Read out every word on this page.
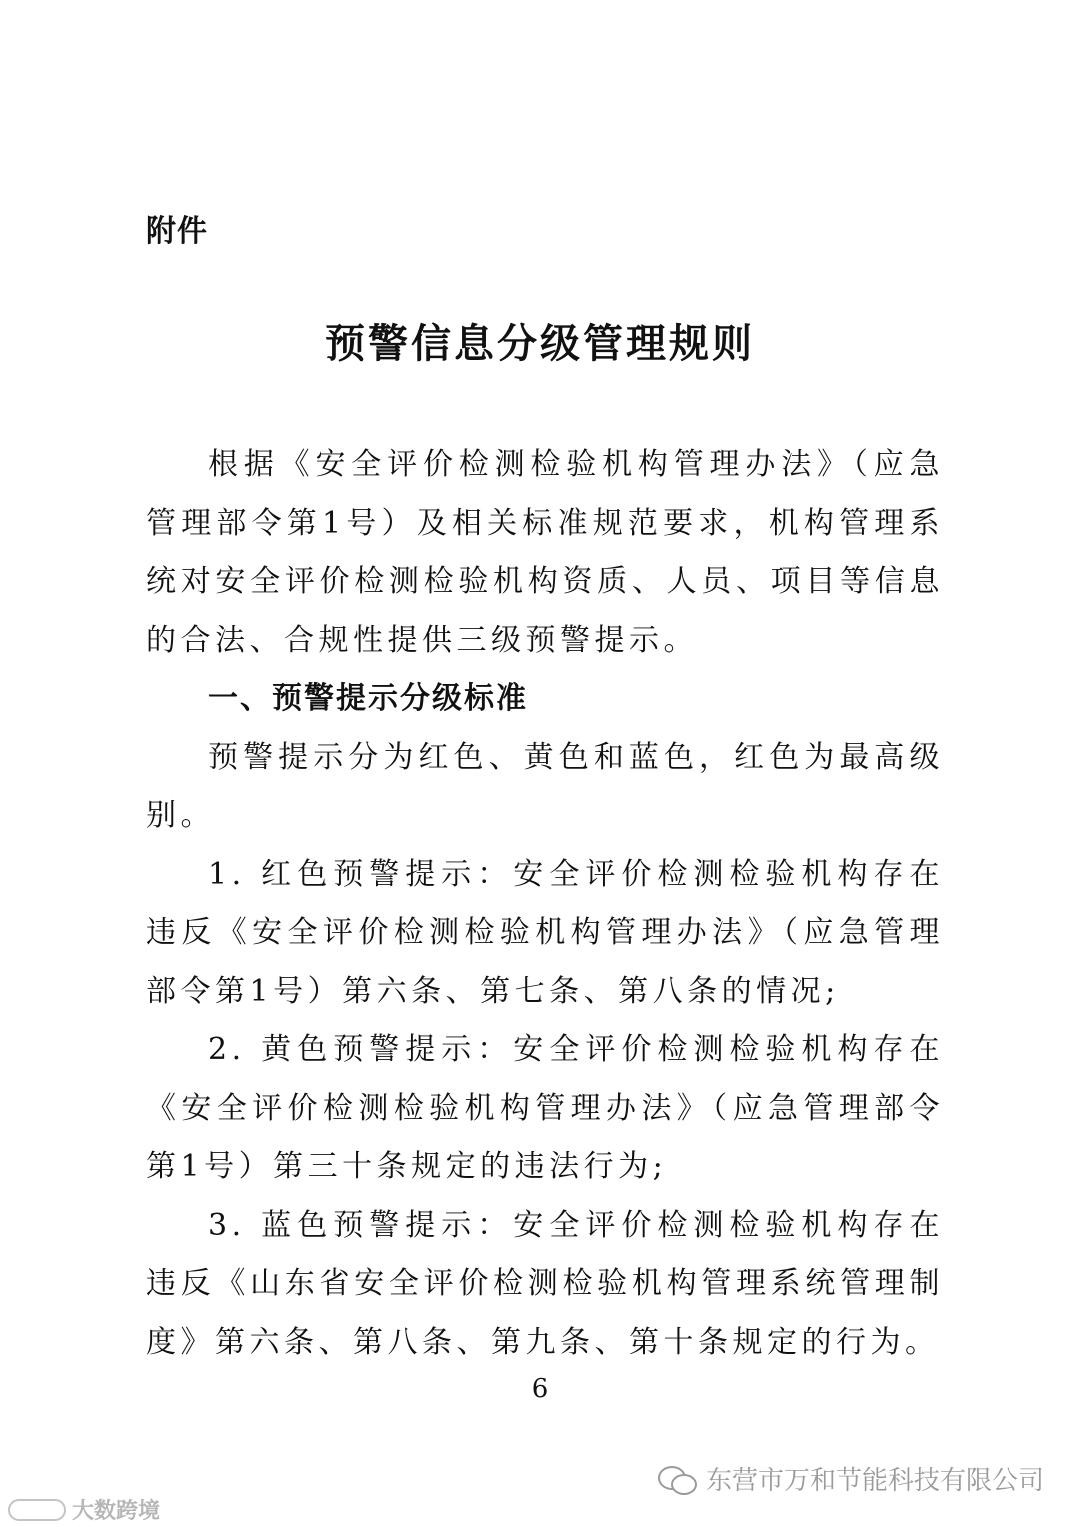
附件
预警信息分级管理规则

根据《安全评价检测检验机构管理办法》（应急管理部令第1号）及相关标准规范要求，机构管理系统对安全评价检测检验机构资质、人员、项目等信息的合法、合规性提供三级预警提示。

一、预警提示分级标准

预警提示分为红色、黄色和蓝色，红色为最高级别。

1. 红色预警提示：安全评价检测检验机构存在违反《安全评价检测检验机构管理办法》（应急管理部令第1号）第六条、第七条、第八条的情况;

2. 黄色预警提示：安全评价检测检验机构存在《安全评价检测检验机构管理办法》（应急管理部令第1号）第三十条规定的违法行为;

3. 蓝色预警提示：安全评价检测检验机构存在违反《山东省安全评价检测检验机构管理系统管理制度》第六条、第八条、第九条、第十条规定的行为。

6
东营市万和节能科技有限公司
大数跨境
